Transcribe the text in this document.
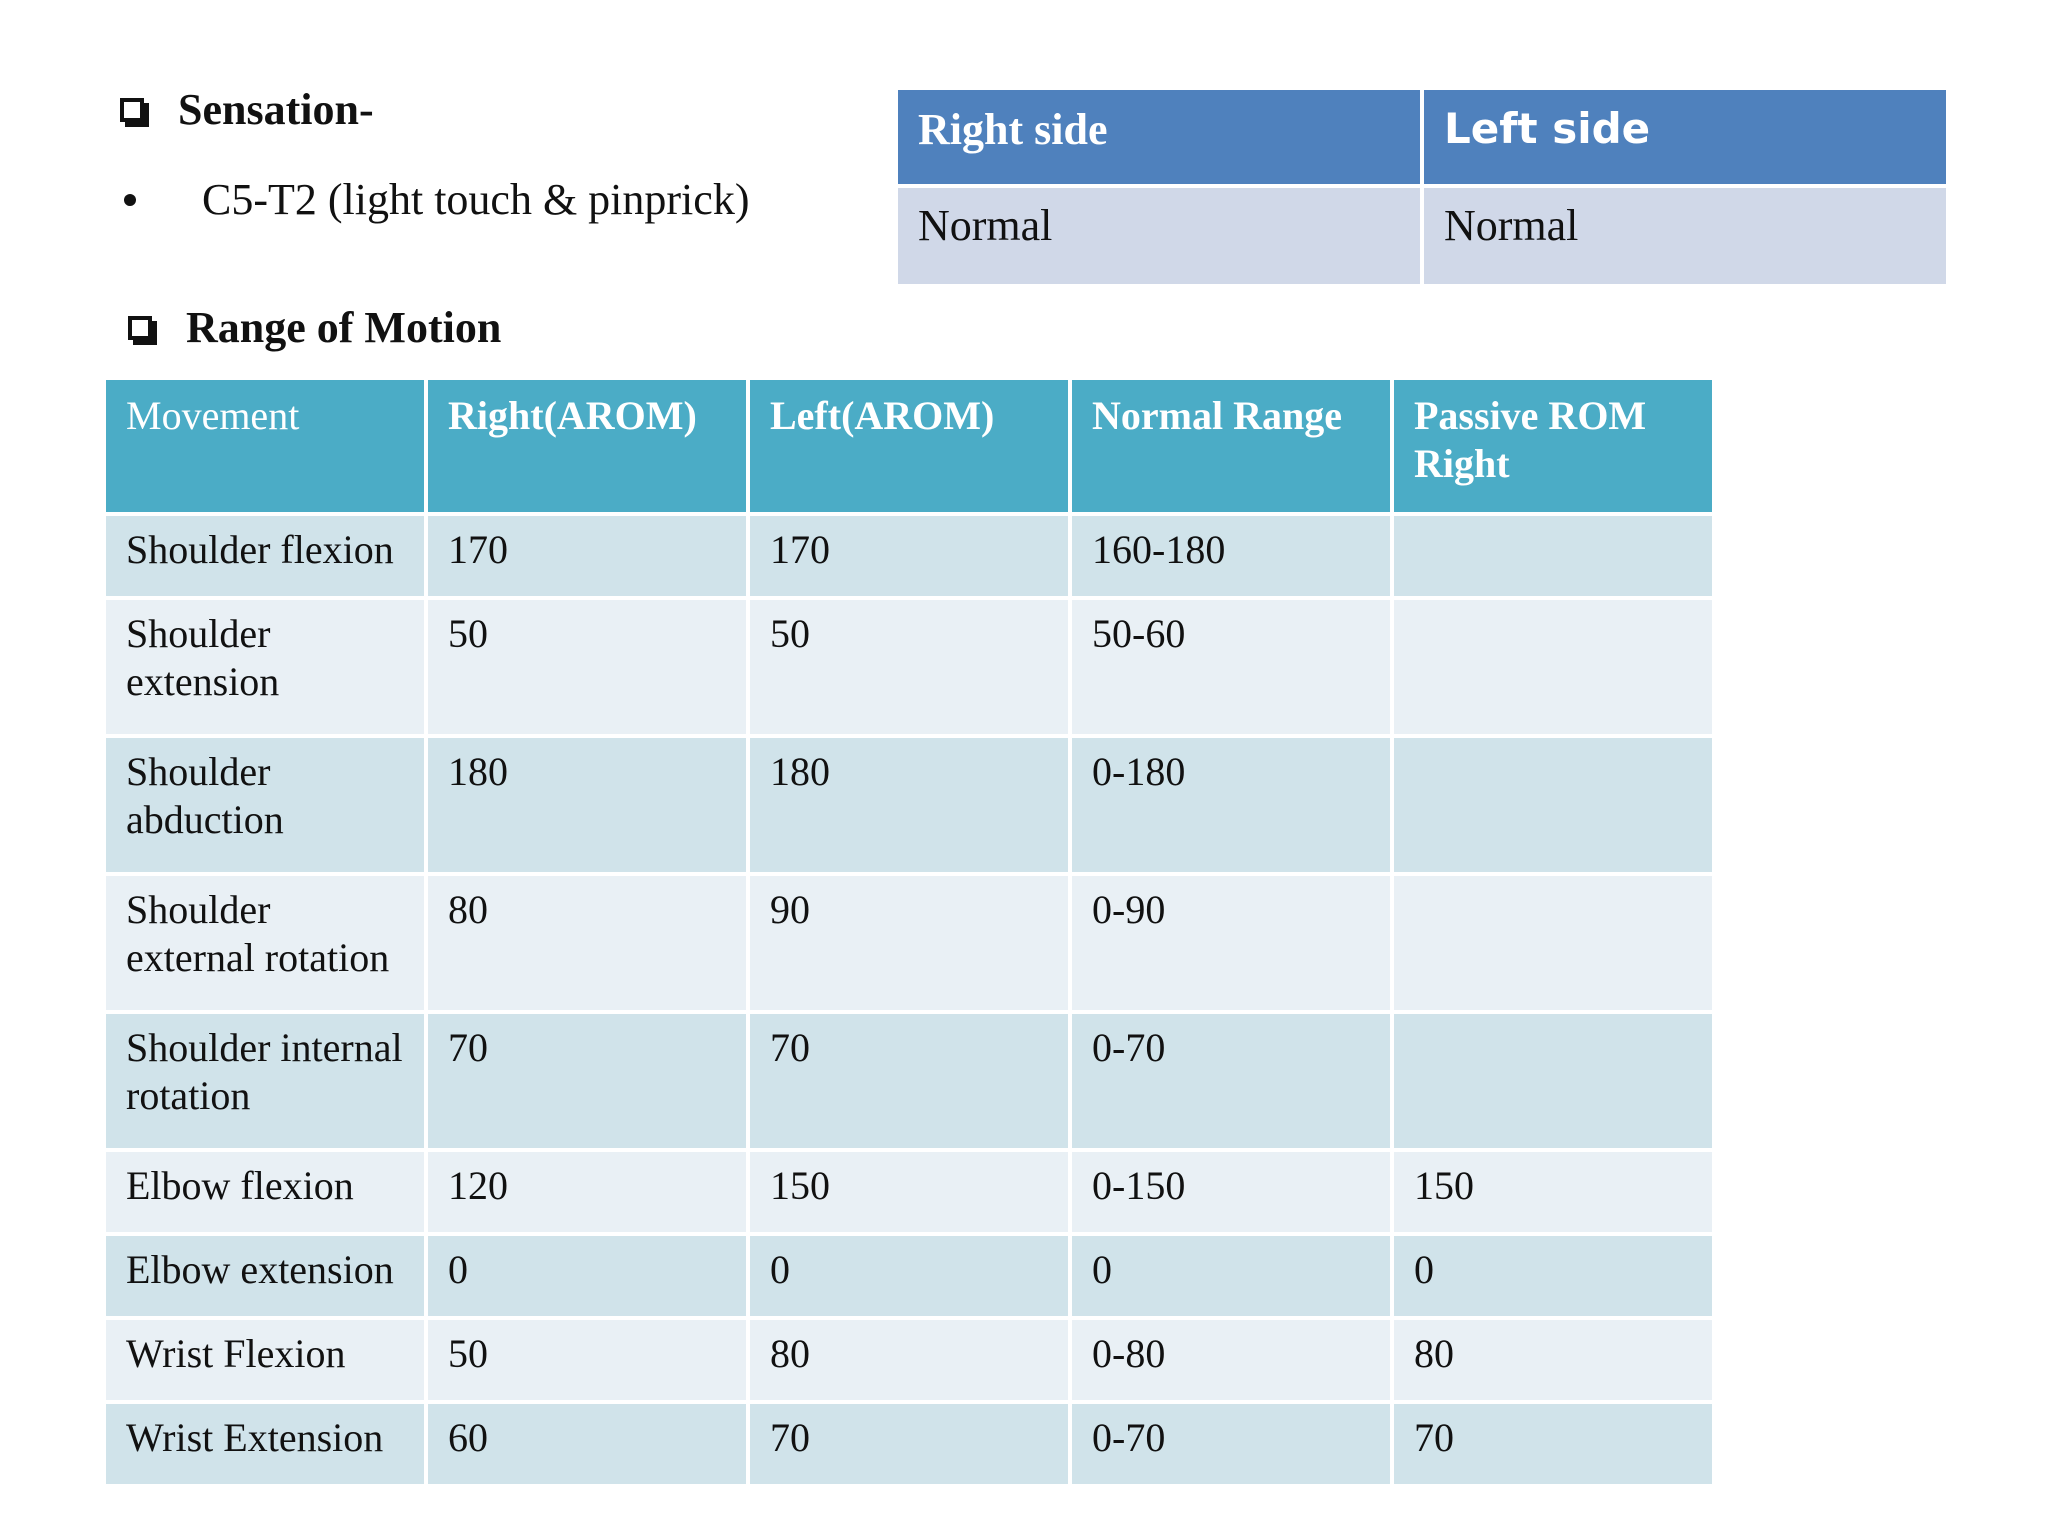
Sensation-
C5-T2 (light touch & pinprick)
Right side	Left side
Normal	Normal
Range of Motion
Movement	Right(AROM)	Left(AROM)	Normal Range	Passive ROM Right
Shoulder flexion	170	170	160-180	
Shoulder extension	50	50	50-60	
Shoulder abduction	180	180	0-180	
Shoulder external rotation	80	90	0-90	
Shoulder internal rotation	70	70	0-70	
Elbow flexion	120	150	0-150	150
Elbow extension	0	0	0	0
Wrist Flexion	50	80	0-80	80
Wrist Extension	60	70	0-70	70
